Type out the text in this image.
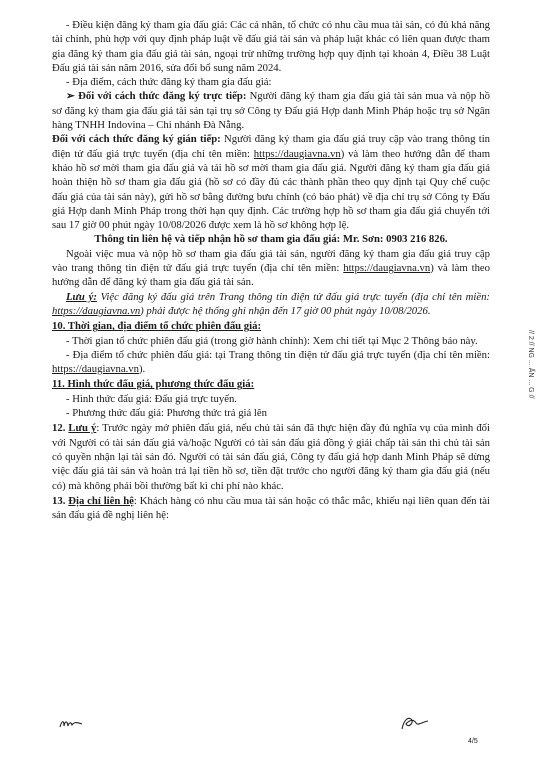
- Điều kiện đăng ký tham gia đấu giá: Các cá nhân, tổ chức có nhu cầu mua tài sản, có đủ khả năng tài chính, phù hợp với quy định pháp luật về đấu giá tài sản và pháp luật khác có liên quan được tham gia đăng ký tham gia đấu giá tài sản, ngoại trừ những trường hợp quy định tại khoản 4, Điều 38 Luật Đấu giá tài sản năm 2016, sửa đổi bổ sung năm 2024.

- Địa điểm, cách thức đăng ký tham gia đấu giá:

➢ Đối với cách thức đăng ký trực tiếp: Người đăng ký tham gia đấu giá tài sản mua và nộp hồ sơ đăng ký tham gia đấu giá tài sản tại trụ sở Công ty Đấu giá Hợp danh Minh Pháp hoặc trụ sở Ngân hàng TNHH Indovina – Chi nhánh Đà Nẵng.

Đối với cách thức đăng ký gián tiếp: Người đăng ký tham gia đấu giá truy cập vào trang thông tin điện tử đấu giá trực tuyến (địa chỉ tên miền: https://daugiavna.vn) và làm theo hướng dẫn để tham khảo hồ sơ mời tham gia đấu giá và tải hồ sơ mời tham gia đấu giá. Người đăng ký tham gia đấu giá hoàn thiện hồ sơ tham gia đấu giá (hồ sơ có đầy đủ các thành phần theo quy định tại Quy chế cuộc đấu giá của tài sản này), gửi hồ sơ bằng đường bưu chính (có báo phát) về địa chỉ trụ sở Công ty Đấu giá Hợp danh Minh Pháp trong thời hạn quy định. Các trường hợp hồ sơ tham gia đấu giá chuyển tới sau 17 giờ 00 phút ngày 10/08/2026 được xem là hồ sơ không hợp lệ.

Thông tin liên hệ và tiếp nhận hồ sơ tham gia đấu giá: Mr. Sơn: 0903 216 826.

Ngoài việc mua và nộp hồ sơ tham gia đấu giá tài sản, người đăng ký tham gia đấu giá truy cập vào trang thông tin điện tử đấu giá trực tuyến (địa chỉ tên miền: https://daugiavna.vn) và làm theo hướng dẫn để đăng ký tham gia đấu giá tài sản.

Lưu ý: Việc đăng ký đấu giá trên Trang thông tin điện tử đấu giá trực tuyến (địa chỉ tên miền: https://daugiavna.vn) phải được hệ thống ghi nhận đến 17 giờ 00 phút ngày 10/08/2026.

10. Thời gian, địa điểm tổ chức phiên đấu giá:

- Thời gian tổ chức phiên đấu giá (trong giờ hành chính): Xem chi tiết tại Mục 2 Thông báo này.

- Địa điểm tổ chức phiên đấu giá: tại Trang thông tin điện tử đấu giá trực tuyến (địa chỉ tên miền: https://daugiavna.vn).

11. Hình thức đấu giá, phương thức đấu giá:

- Hình thức đấu giá: Đấu giá trực tuyến.

- Phương thức đấu giá: Phương thức trả giá lên

12. Lưu ý: Trước ngày mở phiên đấu giá, nếu chủ tài sản đã thực hiện đầy đủ nghĩa vụ của mình đối với Người có tài sản đấu giá và/hoặc Người có tài sản đấu giá đồng ý giải chấp tài sản thì chủ tài sản có quyền nhận lại tài sản đó. Người có tài sản đấu giá, Công ty đấu giá hợp danh Minh Pháp sẽ dừng việc đấu giá tài sản và hoàn trả lại tiền hồ sơ, tiền đặt trước cho người đăng ký tham gia đấu giá (nếu có) mà không phải bồi thường bất kì chi phí nào khác.

13. Địa chỉ liên hệ: Khách hàng có nhu cầu mua tài sản hoặc có thắc mắc, khiếu nại liên quan đến tài sản đấu giá đề nghị liên hệ:

// 2 // NG ... ẤN ... G //
4/5
